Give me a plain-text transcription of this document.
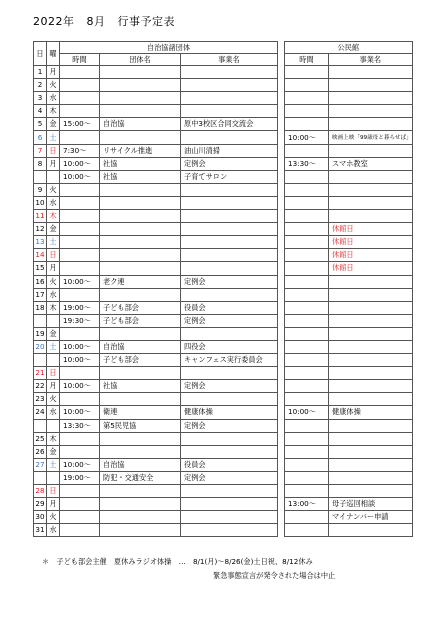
2022年 8月 行事予定表
日	曜	自治協諸団体				公民館	
		時間	団体名	事業名		時間	事業名
1	月						
2	火						
3	水						
4	木						
5	金	15:00～	自治協	原中3校区合同交流会			
6	土					10:00～	映画上映「99歳母と暮らせば」
7	日	7:30～	リサイクル推進	油山川清掃			
8	月	10:00～	社協	定例会		13:30～	スマホ教室
		10:00～	社協	子育てサロン			
9	火						
10	水						
11	木						
12	金						休館日
13	土						休館日
14	日						休館日
15	月						休館日
16	火	10:00～	老ク連	定例会			
17	水						
18	木	19:00～	子ども部会	役員会			
		19:30～	子ども部会	定例会			
19	金						
20	土	10:00～	自治協	四役会			
		10:00～	子ども部会	キャンフェス実行委員会			
21	日						
22	月	10:00～	社協	定例会			
23	火						
24	水	10:00～	衛連	健康体操		10:00～	健康体操
		13:30～	第5民児協	定例会			
25	木						
26	金						
27	土	10:00～	自治協	役員会			
		19:00～	防犯・交通安全	定例会			
28	日						
29	月					13:00～	母子巡回相談
30	火						マイナンバー申請
31	水						
＊　子ども部会主催　夏休みラジオ体操　…　8/1(月)～8/26(金)土日祝、8/12休み
緊急事態宣言が発令された場合は中止
